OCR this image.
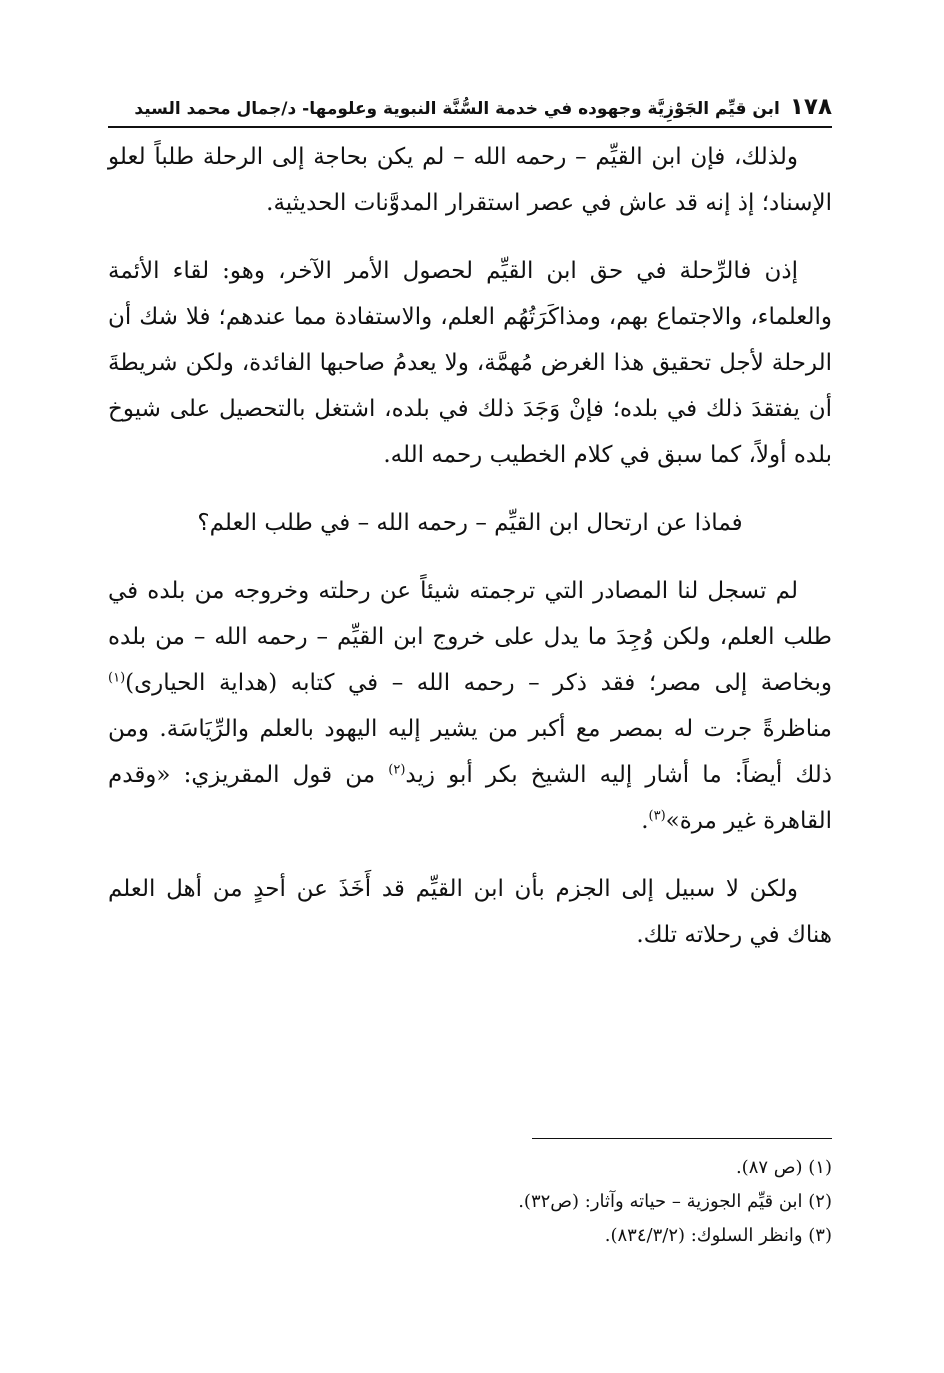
١٧٨
ابن قيِّم الجَوْزِيَّة وجهوده في خدمة السُّنَّة النبوية وعلومها- د/جمال محمد السيد

ولذلك، فإن ابن القيِّم – رحمه الله – لم يكن بحاجة إلى الرحلة طلباً لعلو الإسناد؛ إذ إنه قد عاش في عصر استقرار المدوَّنات الحديثية.

إذن فالرِّحلة في حق ابن القيِّم لحصول الأمر الآخر، وهو: لقاء الأئمة والعلماء، والاجتماع بهم، ومذاكَرَتُهُم العلم، والاستفادة مما عندهم؛ فلا شك أن الرحلة لأجل تحقيق هذا الغرض مُهمَّة، ولا يعدمُ صاحبها الفائدة، ولكن شريطةَ أن يفتقدَ ذلك في بلده؛ فإنْ وَجَدَ ذلك في بلده، اشتغل بالتحصيل على شيوخ بلده أولاً، كما سبق في كلام الخطيب رحمه الله.

فماذا عن ارتحال ابن القيِّم – رحمه الله – في طلب العلم؟

لم تسجل لنا المصادر التي ترجمته شيئاً عن رحلته وخروجه من بلده في طلب العلم، ولكن وُجِدَ ما يدل على خروج ابن القيِّم – رحمه الله – من بلده وبخاصة إلى مصر؛ فقد ذكر – رحمه الله – في كتابه (هداية الحيارى)$^{(١)}$ مناظرةً جرت له بمصر مع أكبر من يشير إليه اليهود بالعلم والرِّيَاسَة. ومن ذلك أيضاً: ما أشار إليه الشيخ بكر أبو زيد$^{(٢)}$ من قول المقريزي: «وقدم القاهرة غير مرة»$^{(٣)}$.

ولكن لا سبيل إلى الجزم بأن ابن القيِّم قد أَخَذَ عن أحدٍ من أهل العلم هناك في رحلاته تلك.

(١) (ص ٨٧).

(٢) ابن قيِّم الجوزية – حياته وآثار: (ص٣٢).

(٣) وانظر السلوك: (٨٣٤/٣/٢).
